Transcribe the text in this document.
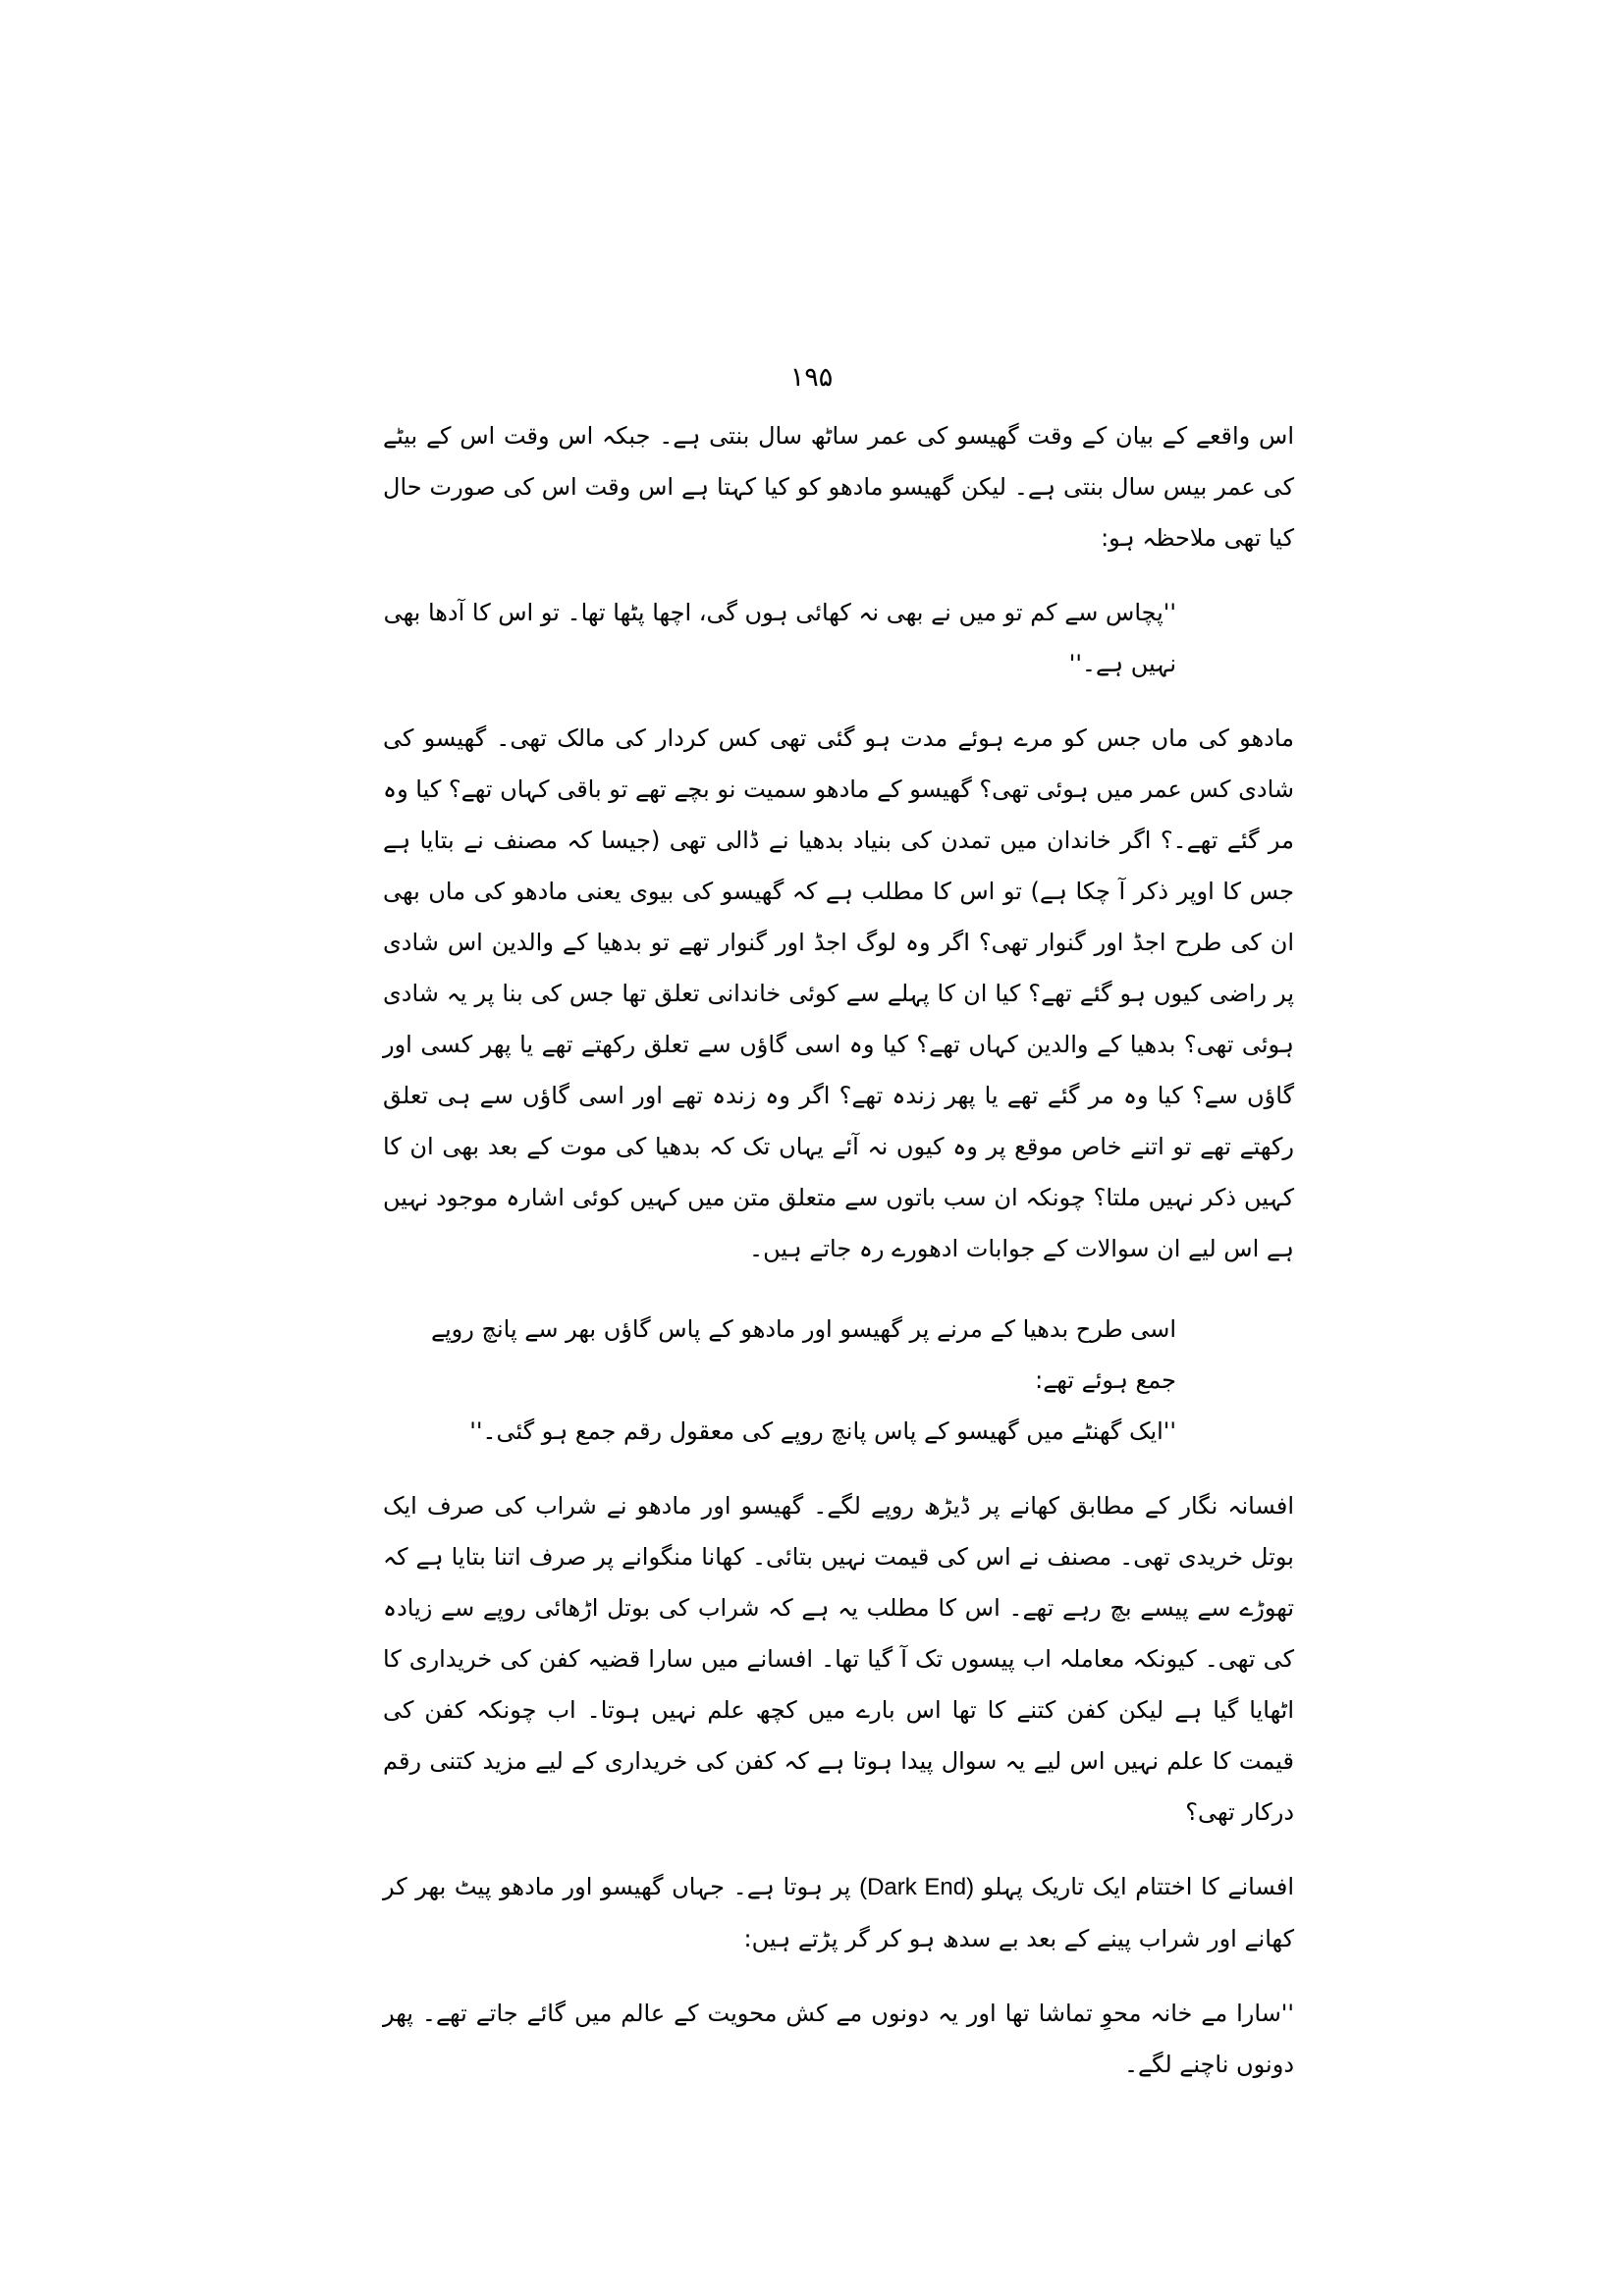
۱۹۵

اس واقعے کے بیان کے وقت گھیسو کی عمر ساٹھ سال بنتی ہے۔ جبکہ اس وقت اس کے بیٹے کی عمر بیس سال بنتی ہے۔ لیکن گھیسو مادھو کو کیا کہتا ہے اس وقت اس کی صورت حال کیا تھی ملاحظہ ہو:

''پچاس سے کم تو میں نے بھی نہ کھائی ہوں گی، اچھا پٹھا تھا۔ تو اس کا آدھا بھی نہیں ہے۔''

مادھو کی ماں جس کو مرے ہوئے مدت ہو گئی تھی کس کردار کی مالک تھی۔ گھیسو کی شادی کس عمر میں ہوئی تھی؟ گھیسو کے مادھو سمیت نو بچے تھے تو باقی کہاں تھے؟ کیا وہ مر گئے تھے۔؟ اگر خاندان میں تمدن کی بنیاد بدھیا نے ڈالی تھی (جیسا کہ مصنف نے بتایا ہے جس کا اوپر ذکر آ چکا ہے) تو اس کا مطلب ہے کہ گھیسو کی بیوی یعنی مادھو کی ماں بھی ان کی طرح اجڈ اور گنوار تھی؟ اگر وہ لوگ اجڈ اور گنوار تھے تو بدھیا کے والدین اس شادی پر راضی کیوں ہو گئے تھے؟ کیا ان کا پہلے سے کوئی خاندانی تعلق تھا جس کی بنا پر یہ شادی ہوئی تھی؟ بدھیا کے والدین کہاں تھے؟ کیا وہ اسی گاؤں سے تعلق رکھتے تھے یا پھر کسی اور گاؤں سے؟ کیا وہ مر گئے تھے یا پھر زندہ تھے؟ اگر وہ زندہ تھے اور اسی گاؤں سے ہی تعلق رکھتے تھے تو اتنے خاص موقع پر وہ کیوں نہ آئے یہاں تک کہ بدھیا کی موت کے بعد بھی ان کا کہیں ذکر نہیں ملتا؟ چونکہ ان سب باتوں سے متعلق متن میں کہیں کوئی اشارہ موجود نہیں ہے اس لیے ان سوالات کے جوابات ادھورے رہ جاتے ہیں۔

اسی طرح بدھیا کے مرنے پر گھیسو اور مادھو کے پاس گاؤں بھر سے پانچ روپے جمع ہوئے تھے:

''ایک گھنٹے میں گھیسو کے پاس پانچ روپے کی معقول رقم جمع ہو گئی۔''

افسانہ نگار کے مطابق کھانے پر ڈیڑھ روپے لگے۔ گھیسو اور مادھو نے شراب کی صرف ایک بوتل خریدی تھی۔ مصنف نے اس کی قیمت نہیں بتائی۔ کھانا منگوانے پر صرف اتنا بتایا ہے کہ تھوڑے سے پیسے بچ رہے تھے۔ اس کا مطلب یہ ہے کہ شراب کی بوتل اڑھائی روپے سے زیادہ کی تھی۔ کیونکہ معاملہ اب پیسوں تک آ گیا تھا۔ افسانے میں سارا قضیہ کفن کی خریداری کا اٹھایا گیا ہے لیکن کفن کتنے کا تھا اس بارے میں کچھ علم نہیں ہوتا۔ اب چونکہ کفن کی قیمت کا علم نہیں اس لیے یہ سوال پیدا ہوتا ہے کہ کفن کی خریداری کے لیے مزید کتنی رقم درکار تھی؟

افسانے کا اختتام ایک تاریک پہلو (Dark End) پر ہوتا ہے۔ جہاں گھیسو اور مادھو پیٹ بھر کر کھانے اور شراب پینے کے بعد بے سدھ ہو کر گر پڑتے ہیں:

''سارا مے خانہ محوِ تماشا تھا اور یہ دونوں مے کش محویت کے عالم میں گائے جاتے تھے۔ پھر دونوں ناچنے لگے۔
